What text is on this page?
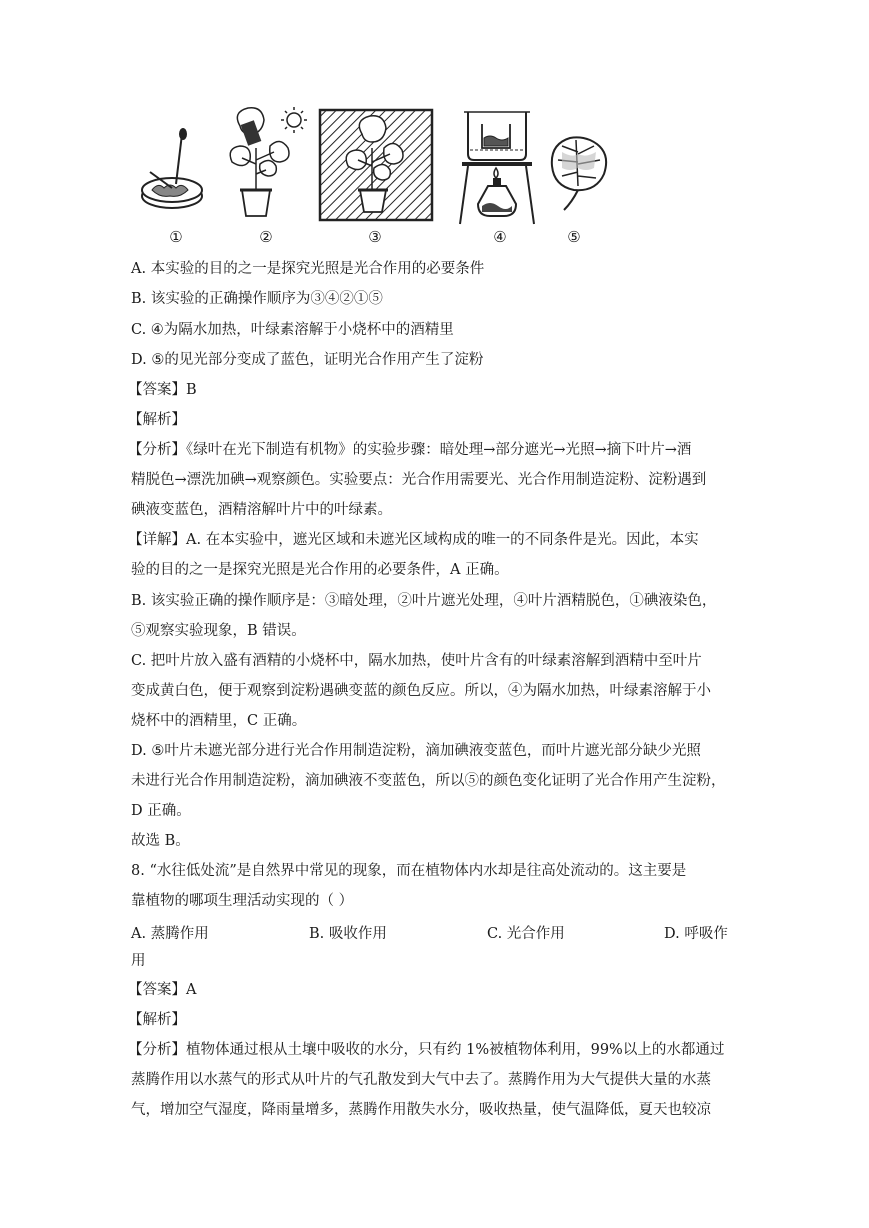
①	②	③	④	⑤
A. 本实验的目的之一是探究光照是光合作用的必要条件
B. 该实验的正确操作顺序为③④②①⑤
C. ④为隔水加热，叶绿素溶解于小烧杯中的酒精里
D. ⑤的见光部分变成了蓝色，证明光合作用产生了淀粉
【答案】B
【解析】
【分析】《绿叶在光下制造有机物》的实验步骤：暗处理→部分遮光→光照→摘下叶片→酒
精脱色→漂洗加碘→观察颜色。实验要点：光合作用需要光、光合作用制造淀粉、淀粉遇到
碘液变蓝色，酒精溶解叶片中的叶绿素。
【详解】A. 在本实验中，遮光区域和未遮光区域构成的唯一的不同条件是光。因此，本实
验的目的之一是探究光照是光合作用的必要条件，A 正确。
B. 该实验正确的操作顺序是：③暗处理，②叶片遮光处理，④叶片酒精脱色，①碘液染色，
⑤观察实验现象，B 错误。
C. 把叶片放入盛有酒精的小烧杯中，隔水加热，使叶片含有的叶绿素溶解到酒精中至叶片
变成黄白色，便于观察到淀粉遇碘变蓝的颜色反应。所以，④为隔水加热，叶绿素溶解于小
烧杯中的酒精里，C 正确。
D. ⑤叶片未遮光部分进行光合作用制造淀粉，滴加碘液变蓝色，而叶片遮光部分缺少光照
未进行光合作用制造淀粉，滴加碘液不变蓝色，所以⑤的颜色变化证明了光合作用产生淀粉，
D 正确。
故选 B。
8. “水往低处流”是自然界中常见的现象，而在植物体内水却是往高处流动的。这主要是
靠植物的哪项生理活动实现的（ ）
A. 蒸腾作用	B. 吸收作用	C. 光合作用	D. 呼吸作
用
【答案】A
【解析】
【分析】植物体通过根从土壤中吸收的水分，只有约 1%被植物体利用，99%以上的水都通过
蒸腾作用以水蒸气的形式从叶片的气孔散发到大气中去了。蒸腾作用为大气提供大量的水蒸
气，增加空气湿度，降雨量增多，蒸腾作用散失水分，吸收热量，使气温降低，夏天也较凉
